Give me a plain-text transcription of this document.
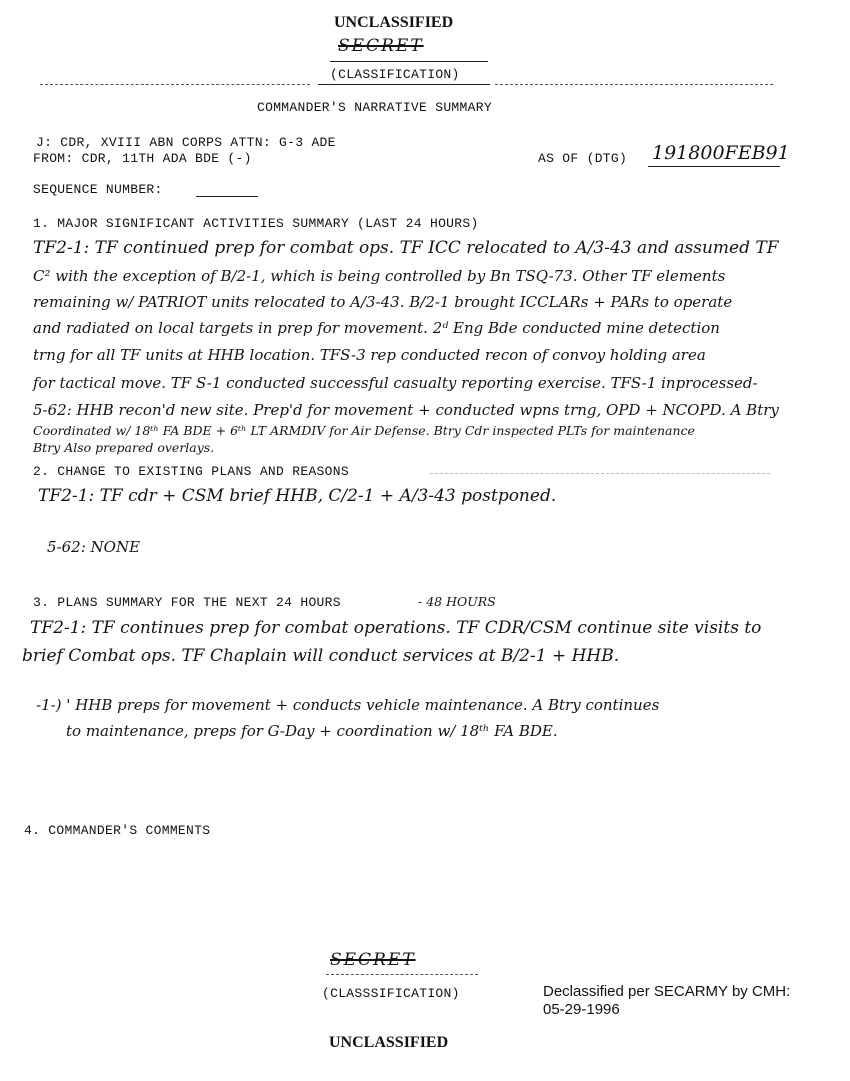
UNCLASSIFIED
SECRET
(CLASSIFICATION)
COMMANDER'S NARRATIVE SUMMARY
J: CDR, XVIII ABN CORPS ATTN: G-3 ADE
FROM: CDR, 11TH ADA BDE (-)	AS OF (DTG) 191800FEB91
SEQUENCE NUMBER:
1. MAJOR SIGNIFICANT ACTIVITIES SUMMARY (LAST 24 HOURS)
TF2-1: TF continued prep for combat ops. TF ICC relocated to A/3-43 and assumed TF
C² with the exception of B/2-1, which is being controlled by Bn TSQ-73. Other TF elements
remaining w/ PATRIOT units relocated to A/3-43. B/2-1 brought ICCLARs + PARs to operate
and radiated on local targets in prep for movement. 2ᵈ Eng Bde conducted mine detection
trng for all TF units at HHB location. TFS-3 rep conducted recon of convoy holding area
for tactical move. TF S-1 conducted successful casualty reporting exercise. TFS-1 inprocessed-
5-62: HHB recon'd new site. Prep'd for movement + conducted wpns trng, OPD + NCOPD. A Btry
Coordinated w/ 18ᵗʰ FA BDE + 6ᵗʰ LT ARMDIV for Air Defense. Btry Cdr inspected PLTs for maintenance
Btry Also prepared overlays.
2. CHANGE TO EXISTING PLANS AND REASONS
TF2-1: TF cdr + CSM brief HHB, C/2-1 + A/3-43 postponed.
5-62: NONE
3. PLANS SUMMARY FOR THE NEXT 24 HOURS	- 48 HOURS
TF2-1: TF continues prep for combat operations. TF CDR/CSM continue site visits to
brief Combat ops. TF Chaplain will conduct services at B/2-1 + HHB.
-1-) ' HHB preps for movement + conducts vehicle maintenance. A Btry continues
to maintenance, preps for G-Day + coordination w/ 18ᵗʰ FA BDE.
4. COMMANDER'S COMMENTS
SECRET
(CLASSSIFICATION)	Declassified per SECARMY by CMH:
05-29-1996
UNCLASSIFIED
